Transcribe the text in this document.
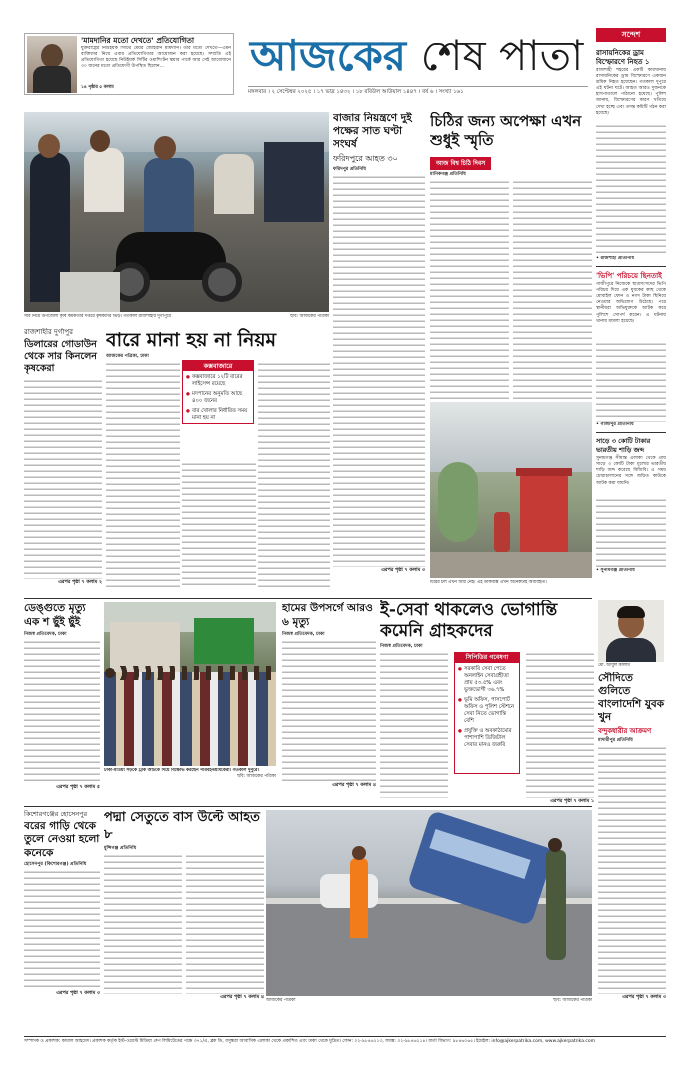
'মামদানির মতো দেখতে' প্রতিযোগিতা
যুক্তরাষ্ট্রের নিউইয়র্ক সিটির মেয়র জোহরান মামদানি। তাঁর মতো দেখতে—এমন ব্যক্তিদের নিয়ে এবার প্রতিযোগিতার আয়োজন করা হয়েছে। সম্প্রতি এই প্রতিযোগিতা হয়েছে নিউইয়র্ক সিটির ওয়াশিংটন স্কয়ার পার্কে আর সেই আয়োজনে ৩০ জনের মতো প্রতিযোগী উপস্থিত ছিলেন…
১৪ পৃষ্ঠার ৫ কলাম
আজকের শেষ পাতা
মঙ্গলবার । ২ সেপ্টেম্বর ২০২৫ । ১৭ ভাদ্র ১৪৩২ । ১৮ রবিউল আউয়াল ১৪৪৭ । বর্ষ ৬ । সংখ্যা ১৬১
সন্দেশ
রাসায়নিকের ড্রাম বিস্ফোরণে নিহত ১
রাজশাহী শহরের একটি কারখানায় রাসায়নিকের ড্রাম বিস্ফোরণে একজন শ্রমিক নিহত হয়েছেন। গতকাল দুপুরে এই ঘটনা ঘটে। আহত আরও দুজনকে হাসপাতালে পাঠানো হয়েছে। পুলিশ জানায়, বিস্ফোরণের কারণ খতিয়ে দেখা হচ্ছে এবং তদন্ত কমিটি গঠন করা হয়েছে।
• রাজশাহী প্রতিনিধি
'ভিপি' পরিচয়ে ছিনতাই
গাজীপুরে নিজেকে ছাত্রসংসদের ভিপি পরিচয় দিয়ে এক যুবকের কাছ থেকে মোবাইল ফোন ও নগদ টাকা ছিনিয়ে নেওয়ার অভিযোগ উঠেছে। পরে স্থানীয়রা অভিযুক্তকে আটক করে পুলিশে সোপর্দ করেন। এ ঘটনায় থানায় মামলা হয়েছে।
• গাজীপুর প্রতিনিধি
সাড়ে ৩ কোটি টাকার ভারতীয় শাড়ি জব্দ
সুনামগঞ্জ সীমান্ত এলাকা থেকে প্রায় সাড়ে ৩ কোটি টাকা মূল্যের ভারতীয় শাড়ি জব্দ করেছে বিজিবি। এ সময় চোরাচালানের সঙ্গে জড়িত কাউকে আটক করা যায়নি।
• সুনামগঞ্জ প্রতিনিধি
সার নিয়ে উপজেলা কৃষি কর্মকর্তার দপ্তরে কৃষকদের ভিড়। গতকাল রাজশাহীর দুর্গাপুরে	ছবি: আজকের পত্রিকা
বাজার নিয়ন্ত্রণে দুই পক্ষের সাত ঘণ্টা সংঘর্ষ
ফরিদপুরে আহত ৩০
ফরিদপুর প্রতিনিধি
এরপর পৃষ্ঠা ৭ কলাম ৩
চিঠির জন্য অপেক্ষা এখন শুধুই স্মৃতি
আজ বিশ্ব চিঠি দিবস
মানিকগঞ্জ প্রতিনিধি
চিঠির চল এখন আর নেই। এই ডাকবাক্স এখন অনেকটাই অব্যবহৃত।
রাজশাহীর দুর্গাপুর
ডিলারের গোডাউন থেকে সার কিনলেন কৃষকেরা
এরপর পৃষ্ঠা ৭ কলাম ২
বারে মানা হয় না নিয়ম
আজকের পত্রিকা, ঢাকা
কক্সবাজারে
● কক্সবাজারে ১২টি বারের লাইসেন্স রয়েছে
● মদপানের অনুমতি আছে ৪০০ জনের
● বার খোলার নির্ধারিত সময় মানা হয় না
ডেঙ্গুতে মৃত্যু এক শ ছুঁই ছুঁই
নিজস্ব প্রতিবেদক, ঢাকা
এরপর পৃষ্ঠা ৭ কলাম ৫
ঢাকা-মাওয়া সড়কে ট্রাক আটকে দিয়ে বিক্ষোভ করছেন পরিবহনশ্রমিকেরা। গতকাল দুপুরে।
ছবি: আজকের পত্রিকা
হামের উপসর্গে আরও ৬ মৃত্যু
নিজস্ব প্রতিবেদক, ঢাকা
এরপর পৃষ্ঠা ৭ কলাম ৪
ই-সেবা থাকলেও ভোগান্তি কমেনি গ্রাহকদের
নিজস্ব প্রতিবেদক, ঢাকা
এরপর পৃষ্ঠা ৭ কলাম ১
সিপিডির গবেষণা
● সরকারি সেবা পেতে অনলাইন সেবাগ্রহীতা প্রায় ৫৩.৫% এবং ভুক্তভোগী ৩৬.৭%
● ভূমি অফিস, পাসপোর্ট অফিস ও পুলিশ স্টেশনে সেবা নিতে ভোগান্তি বেশি
● প্রযুক্তি ও অবকাঠামোর পাশাপাশি ডিজিটাল সেবার মানও জরুরি
মো. আবুল কালাম
সৌদিতে গুলিতে বাংলাদেশি যুবক খুন
বন্দুকধারীর আক্রমণ
মাদারীপুর প্রতিনিধি
এরপর পৃষ্ঠা ৭ কলাম ৩
কিশোরগঞ্জের হোসেনপুর
বরের গাড়ি থেকে তুলে নেওয়া হলো কনেকে
হোসেনপুর (কিশোরগঞ্জ) প্রতিনিধি
এরপর পৃষ্ঠা ৭ কলাম ৩
পদ্মা সেতুতে বাস উল্টে আহত ৮
মুন্সিগঞ্জ প্রতিনিধি
এরপর পৃষ্ঠা ৭ কলাম ৪
আজকের পত্রিকা	ছবি: আজকের পত্রিকা
সম্পাদক ও প্রকাশক: কামাল আহমেদ। প্রকাশক কর্তৃক ইস্ট-ওয়েস্ট মিডিয়া গ্রুপ লিমিটেডের পক্ষে ৩৭১/এ, ব্লক ডি, বসুন্ধরা আবাসিক এলাকা থেকে প্রকাশিত এবং ঢাকা থেকে মুদ্রিত। ফোন: ০২-৯৮৪৬২১৩, ফ্যাক্স: ০২-৯৮৪৬২১৪। বার্তা বিভাগ: ৯৮৪৬০৬৫। ইমেইল: info@ajkerpatrika.com, www.ajkerpatrika.com
